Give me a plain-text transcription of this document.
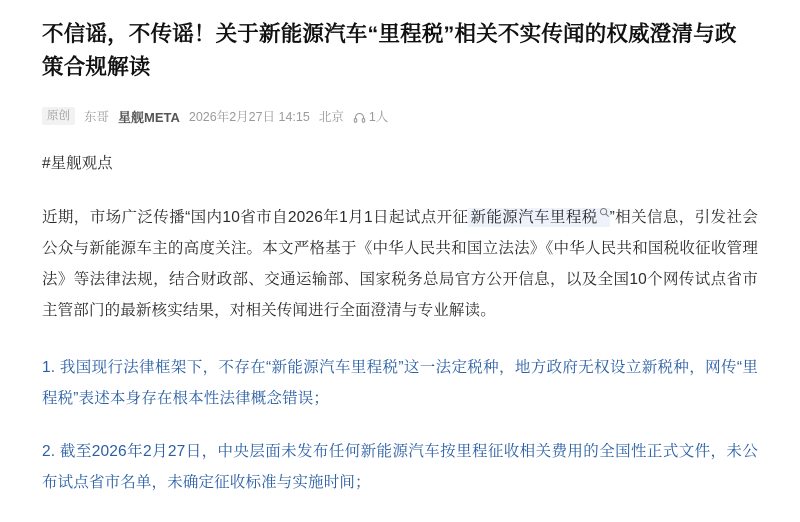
不信谣，不传谣！关于新能源汽车“里程税”相关不实传闻的权威澄清与政策合规解读
原创	东哥 星舰META 2026年2月27日 14:15 北京 1人
#星舰观点

近期，市场广泛传播“国内10省市自2026年1月1日起试点开征 新能源汽车里程税 ”相关信息，引发社会公众与新能源车主的高度关注。本文严格基于《中华人民共和国立法法》《中华人民共和国税收征收管理法》等法律法规，结合财政部、交通运输部、国家税务总局官方公开信息，以及全国10个网传试点省市主管部门的最新核实结果，对相关传闻进行全面澄清与专业解读。

1. 我国现行法律框架下，不存在“新能源汽车里程税”这一法定税种，地方政府无权设立新税种，网传“里程税”表述本身存在根本性法律概念错误；

2. 截至2026年2月27日，中央层面未发布任何新能源汽车按里程征收相关费用的全国性正式文件，未公布试点省市名单，未确定征收标准与实施时间；
